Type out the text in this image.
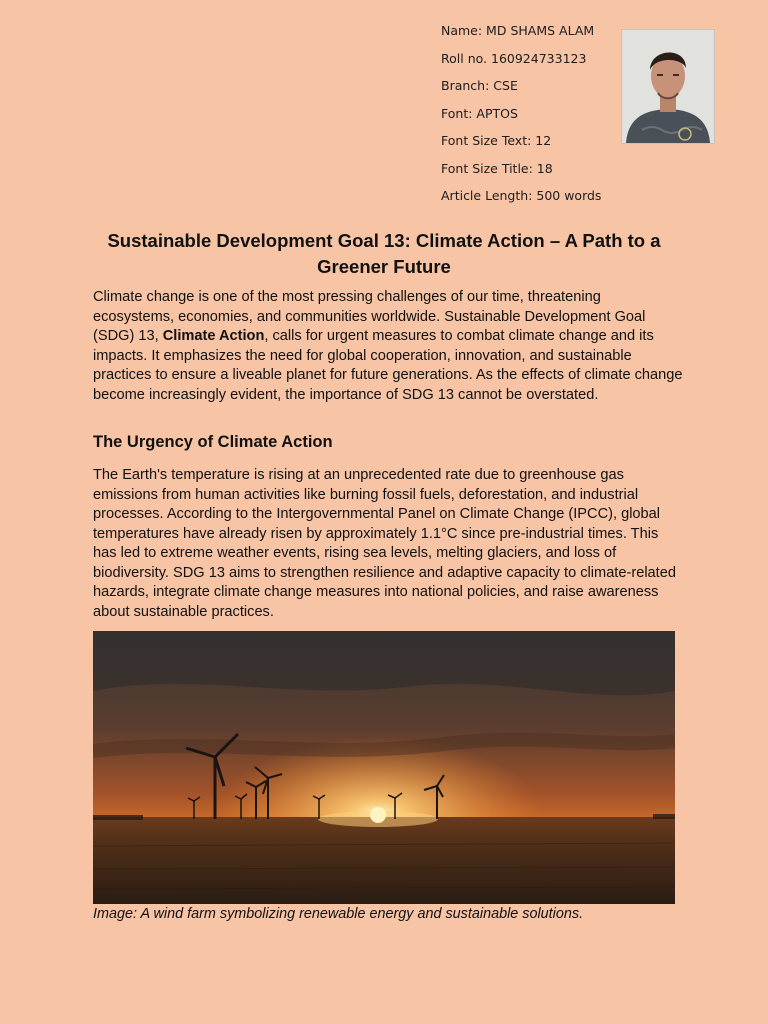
Name: MD SHAMS ALAM
Roll no. 160924733123
Branch: CSE
Font: APTOS
Font Size Text: 12
Font Size Title: 18
Article Length: 500 words
Sustainable Development Goal 13: Climate Action – A Path to a Greener Future

Climate change is one of the most pressing challenges of our time, threatening ecosystems, economies, and communities worldwide. Sustainable Development Goal (SDG) 13, Climate Action, calls for urgent measures to combat climate change and its impacts. It emphasizes the need for global cooperation, innovation, and sustainable practices to ensure a liveable planet for future generations. As the effects of climate change become increasingly evident, the importance of SDG 13 cannot be overstated.

The Urgency of Climate Action

The Earth's temperature is rising at an unprecedented rate due to greenhouse gas emissions from human activities like burning fossil fuels, deforestation, and industrial processes. According to the Intergovernmental Panel on Climate Change (IPCC), global temperatures have already risen by approximately 1.1°C since pre-industrial times. This has led to extreme weather events, rising sea levels, melting glaciers, and loss of biodiversity. SDG 13 aims to strengthen resilience and adaptive capacity to climate-related hazards, integrate climate change measures into national policies, and raise awareness about sustainable practices.

Image: A wind farm symbolizing renewable energy and sustainable solutions.
